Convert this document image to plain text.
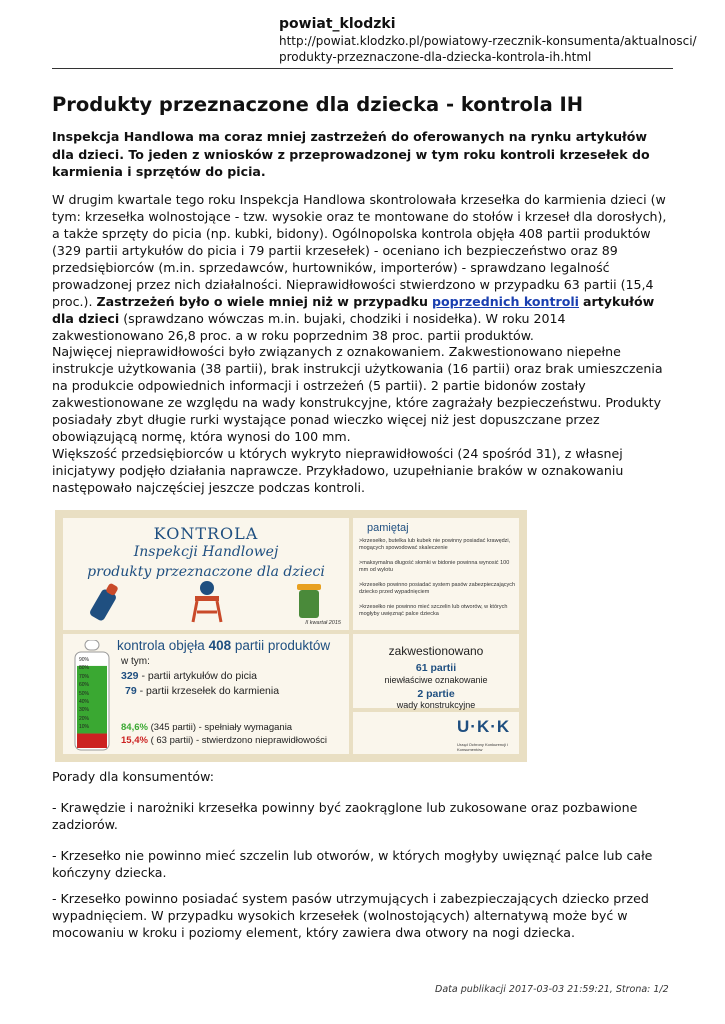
powiat_klodzki
http://powiat.klodzko.pl/powiatowy-rzecznik-konsumenta/aktualnosci/produkty-przeznaczone-dla-dziecka-kontrola-ih.html
Produkty przeznaczone dla dziecka - kontrola IH
Inspekcja Handlowa ma coraz mniej zastrzeżeń do oferowanych na rynku artykułów dla dzieci. To jeden z wniosków z przeprowadzonej w tym roku kontroli krzesełek do karmienia i sprzętów do picia.
W drugim kwartale tego roku Inspekcja Handlowa skontrolowała krzesełka do karmienia dzieci (w tym: krzesełka wolnostojące - tzw. wysokie oraz te montowane do stołów i krzeseł dla dorosłych), a także sprzęty do picia (np. kubki, bidony). Ogólnopolska kontrola objęła 408 partii produktów (329 partii artykułów do picia i 79 partii krzesełek) - oceniano ich bezpieczeństwo oraz 89 przedsiębiorców (m.in. sprzedawców, hurtowników, importerów) - sprawdzano legalność prowadzonej przez nich działalności. Nieprawidłowości stwierdzono w przypadku 63 partii (15,4 proc.). Zastrzeżeń było o wiele mniej niż w przypadku poprzednich kontroli artykułów dla dzieci (sprawdzano wówczas m.in. bujaki, chodziki i nosidełka). W roku 2014 zakwestionowano 26,8 proc. a w roku poprzednim 38 proc. partii produktów.
Najwięcej nieprawidłowości było związanych z oznakowaniem. Zakwestionowano niepełne instrukcje użytkowania (38 partii), brak instrukcji użytkowania (16 partii) oraz brak umieszczenia na produkcie odpowiednich informacji i ostrzeżeń (5 partii). 2 partie bidonów zostały zakwestionowane ze względu na wady konstrukcyjne, które zagrażały bezpieczeństwu. Produkty posiadały zbyt długie rurki wystające ponad wieczko więcej niż jest dopuszczane przez obowiązującą normę, która wynosi do 100 mm.
Większość przedsiębiorców u których wykryto nieprawidłowości (24 spośród 31), z własnej inicjatywy podjęło działania naprawcze. Przykładowo, uzupełnianie braków w oznakowaniu następowało najczęściej jeszcze podczas kontroli.
KONTROLA
Inspekcji Handlowej
produkty przeznaczone dla dzieci
II kwartał 2015
pamiętaj
>krzesełko, butelka lub kubek nie powinny posiadać krawędzi, mogących spowodować skaleczenie
>maksymalna długość słomki w bidonie powinna wynosić 100 mm od wylotu
>krzesełko powinno posiadać system pasów zabezpieczających dziecko przed wypadnięciem
>krzesełko nie powinno mieć szczelin lub otworów, w których mogłyby uwięznąć palce dziecka
90%
80%
70%
60%
50%
40%
30%
20%
10%
kontrola objęła 408 partii produktów
w tym:
329 - partii artykułów do picia
79 - partii krzesełek do karmienia
84,6% (345 partii) - spełniały wymagania
15,4% ( 63 partii) - stwierdzono nieprawidłowości
zakwestionowano
61 partii
niewłaściwe oznakowanie
2 partie
wady konstrukcyjne
U·K·K
Urząd Ochrony Konkurencji i Konsumentów
Porady dla konsumentów:
- Krawędzie i narożniki krzesełka powinny być zaokrąglone lub zukosowane oraz pozbawione zadziorów.
- Krzesełko nie powinno mieć szczelin lub otworów, w których mogłyby uwięznąć palce lub całe kończyny dziecka.
- Krzesełko powinno posiadać system pasów utrzymujących i zabezpieczających dziecko przed wypadnięciem. W przypadku wysokich krzesełek (wolnostojących) alternatywą może być w mocowaniu w kroku i poziomy element, który zawiera dwa otwory na nogi dziecka.
Data publikacji 2017-03-03 21:59:21, Strona: 1/2
